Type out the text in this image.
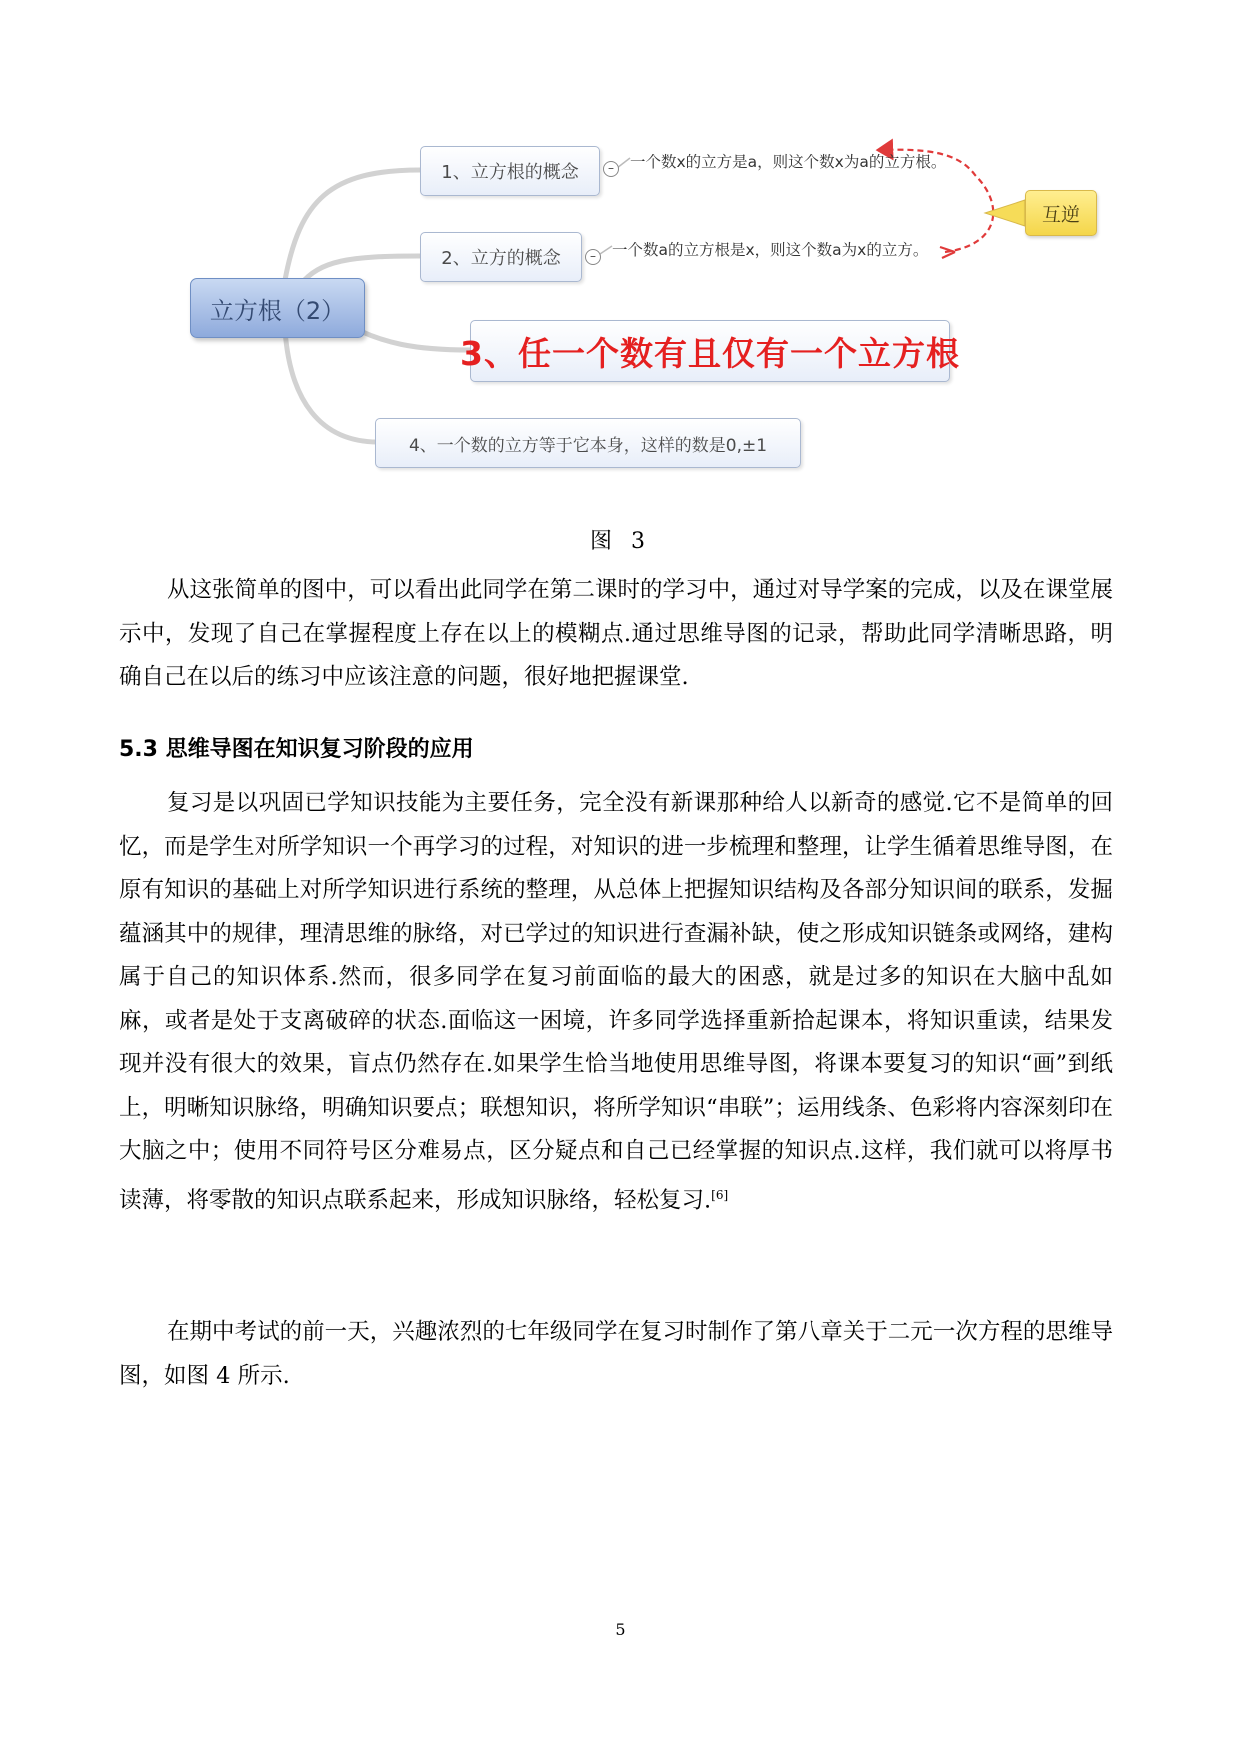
立方根（2）
1、立方根的概念	–	一个数x的立方是a，则这个数x为a的立方根。
2、立方的概念	–	一个数a的立方根是x，则这个数a为x的立方。
互逆
3、任一个数有且仅有一个立方根
4、一个数的立方等于它本身，这样的数是0,±1
图 3

从这张简单的图中，可以看出此同学在第二课时的学习中，通过对导学案的完成，以及在课堂展示中，发现了自己在掌握程度上存在以上的模糊点.通过思维导图的记录，帮助此同学清晰思路，明确自己在以后的练习中应该注意的问题，很好地把握课堂.

5.3 思维导图在知识复习阶段的应用

复习是以巩固已学知识技能为主要任务，完全没有新课那种给人以新奇的感觉.它不是简单的回忆，而是学生对所学知识一个再学习的过程，对知识的进一步梳理和整理，让学生循着思维导图，在原有知识的基础上对所学知识进行系统的整理，从总体上把握知识结构及各部分知识间的联系，发掘蕴涵其中的规律，理清思维的脉络，对已学过的知识进行查漏补缺，使之形成知识链条或网络，建构属于自己的知识体系.然而，很多同学在复习前面临的最大的困惑，就是过多的知识在大脑中乱如麻，或者是处于支离破碎的状态.面临这一困境，许多同学选择重新拾起课本，将知识重读，结果发现并没有很大的效果，盲点仍然存在.如果学生恰当地使用思维导图，将课本要复习的知识“画”到纸上，明晰知识脉络，明确知识要点；联想知识，将所学知识“串联”；运用线条、色彩将内容深刻印在大脑之中；使用不同符号区分难易点，区分疑点和自己已经掌握的知识点.这样，我们就可以将厚书读薄，将零散的知识点联系起来，形成知识脉络，轻松复习.[6]

在期中考试的前一天，兴趣浓烈的七年级同学在复习时制作了第八章关于二元一次方程的思维导图，如图 4 所示.

5
